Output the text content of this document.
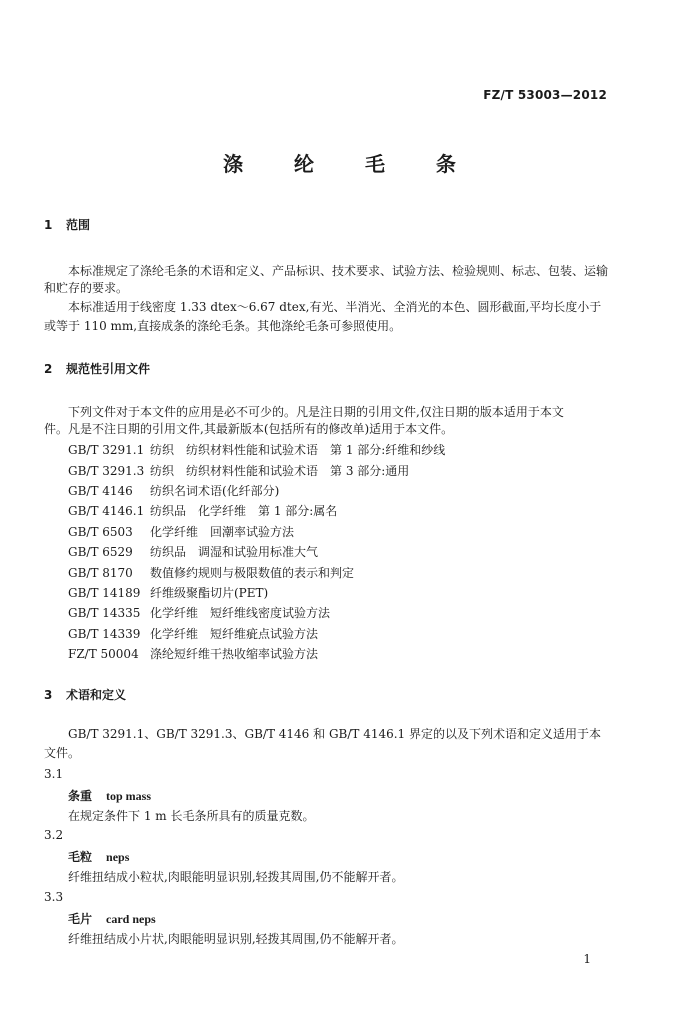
FZ/T 53003—2012
涤 纶 毛 条
1 范围
本标准规定了涤纶毛条的术语和定义、产品标识、技术要求、试验方法、检验规则、标志、包装、运输
和贮存的要求。
本标准适用于线密度 1.33 dtex～6.67 dtex,有光、半消光、全消光的本色、圆形截面,平均长度小于
或等于 110 mm,直接成条的涤纶毛条。其他涤纶毛条可参照使用。
2 规范性引用文件
下列文件对于本文件的应用是必不可少的。凡是注日期的引用文件,仅注日期的版本适用于本文
件。凡是不注日期的引用文件,其最新版本(包括所有的修改单)适用于本文件。
GB/T 3291.1 纺织　纺织材料性能和试验术语　第 1 部分:纤维和纱线
GB/T 3291.3 纺织　纺织材料性能和试验术语　第 3 部分:通用
GB/T 4146 纺织名词术语(化纤部分)
GB/T 4146.1 纺织品　化学纤维　第 1 部分:属名
GB/T 6503 化学纤维　回潮率试验方法
GB/T 6529 纺织品　调湿和试验用标准大气
GB/T 8170 数值修约规则与极限数值的表示和判定
GB/T 14189 纤维级聚酯切片(PET)
GB/T 14335 化学纤维　短纤维线密度试验方法
GB/T 14339 化学纤维　短纤维疵点试验方法
FZ/T 50004 涤纶短纤维干热收缩率试验方法
3 术语和定义
GB/T 3291.1、GB/T 3291.3、GB/T 4146 和 GB/T 4146.1 界定的以及下列术语和定义适用于本
文件。
3.1
条重 top mass
在规定条件下 1 m 长毛条所具有的质量克数。
3.2
毛粒 neps
纤维扭结成小粒状,肉眼能明显识别,轻拨其周围,仍不能解开者。
3.3
毛片 card neps
纤维扭结成小片状,肉眼能明显识别,轻拨其周围,仍不能解开者。
1
